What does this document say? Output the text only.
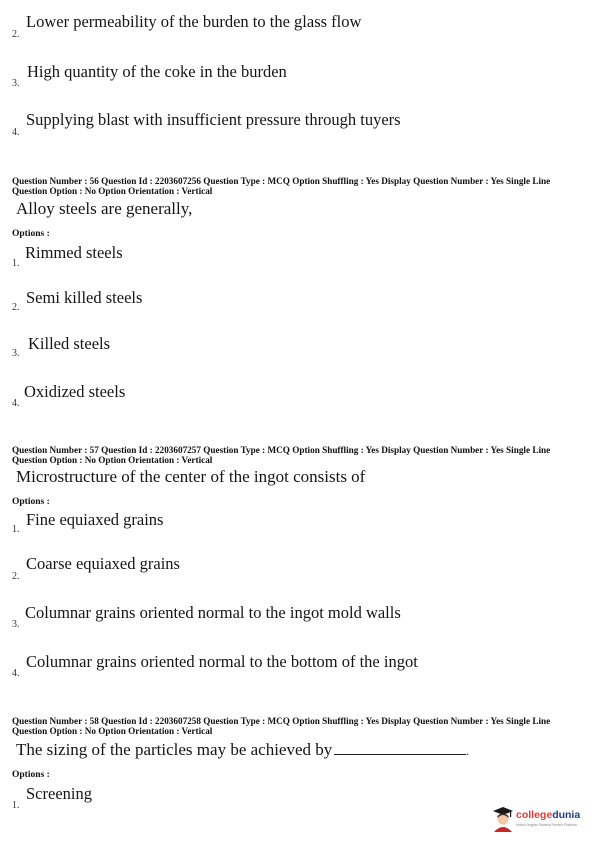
Lower permeability of the burden to the glass flow
2.
High quantity of the coke in the burden
3.
Supplying blast with insufficient pressure through tuyers
4.
Question Number : 56 Question Id : 2203607256 Question Type : MCQ Option Shuffling : Yes Display Question Number : Yes Single Line Question Option : No Option Orientation : Vertical
Alloy steels are generally,
Options :
Rimmed steels
1.
Semi killed steels
2.
Killed steels
3.
Oxidized steels
4.
Question Number : 57 Question Id : 2203607257 Question Type : MCQ Option Shuffling : Yes Display Question Number : Yes Single Line Question Option : No Option Orientation : Vertical
Microstructure of the center of the ingot consists of
Options :
Fine equiaxed grains
1.
Coarse equiaxed grains
2.
Columnar grains oriented normal to the ingot mold walls
3.
Columnar grains oriented normal to the bottom of the ingot
4.
Question Number : 58 Question Id : 2203607258 Question Type : MCQ Option Shuffling : Yes Display Question Number : Yes Single Line Question Option : No Option Orientation : Vertical
The sizing of the particles may be achieved by	.
Options :
Screening
1.
collegedunia
India's largest Student Review Platform
